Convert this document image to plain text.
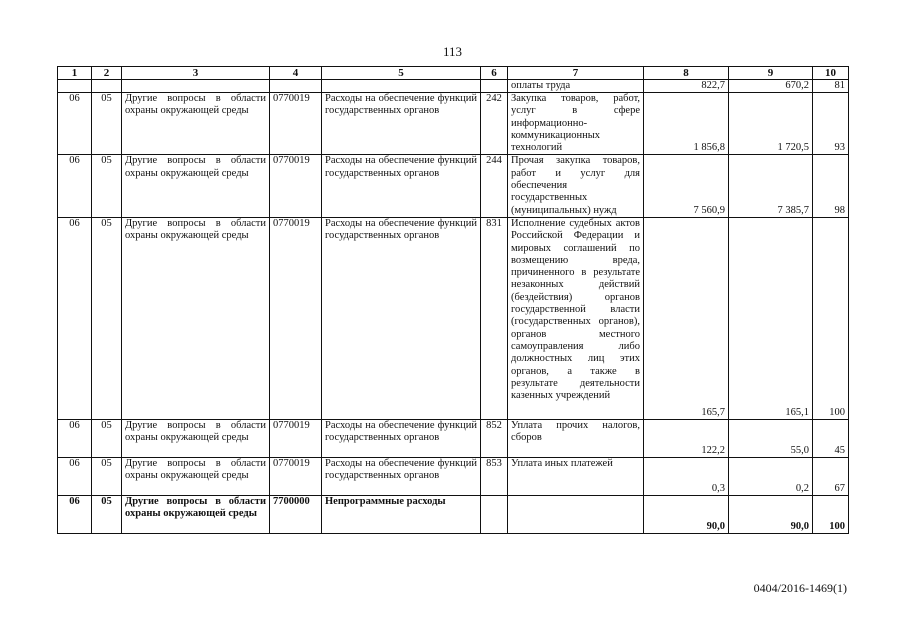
113
1	2	3	4	5	6	7	8	9	10
						оплаты труда	822,7	670,2	81
06	05	Другие вопросы в области охраны окружающей среды	0770019	Расходы на обеспечение функций государственных органов	242	Закупка товаров, работ, услуг в сфере информационно-коммуникационных технологий	1 856,8	1 720,5	93
06	05	Другие вопросы в области охраны окружающей среды	0770019	Расходы на обеспечение функций государственных органов	244	Прочая закупка товаров, работ и услуг для обеспечения государственных (муниципальных) нужд	7 560,9	7 385,7	98
06	05	Другие вопросы в области охраны окружающей среды	0770019	Расходы на обеспечение функций государственных органов	831	Исполнение судебных актов Российской Федерации и мировых соглашений по возмещению вреда, причиненного в результате незаконных действий (бездействия) органов государственной власти (государственных органов), органов местного самоуправления либо должностных лиц этих органов, а также в результате деятельности казенных учреждений	165,7	165,1	100
06	05	Другие вопросы в области охраны окружающей среды	0770019	Расходы на обеспечение функций государственных органов	852	Уплата прочих налогов, сборов	122,2	55,0	45
06	05	Другие вопросы в области охраны окружающей среды	0770019	Расходы на обеспечение функций государственных органов	853	Уплата иных платежей	0,3	0,2	67
06	05	Другие вопросы в области охраны окружающей среды	7700000	Непрограммные расходы			90,0	90,0	100
0404/2016-1469(1)
